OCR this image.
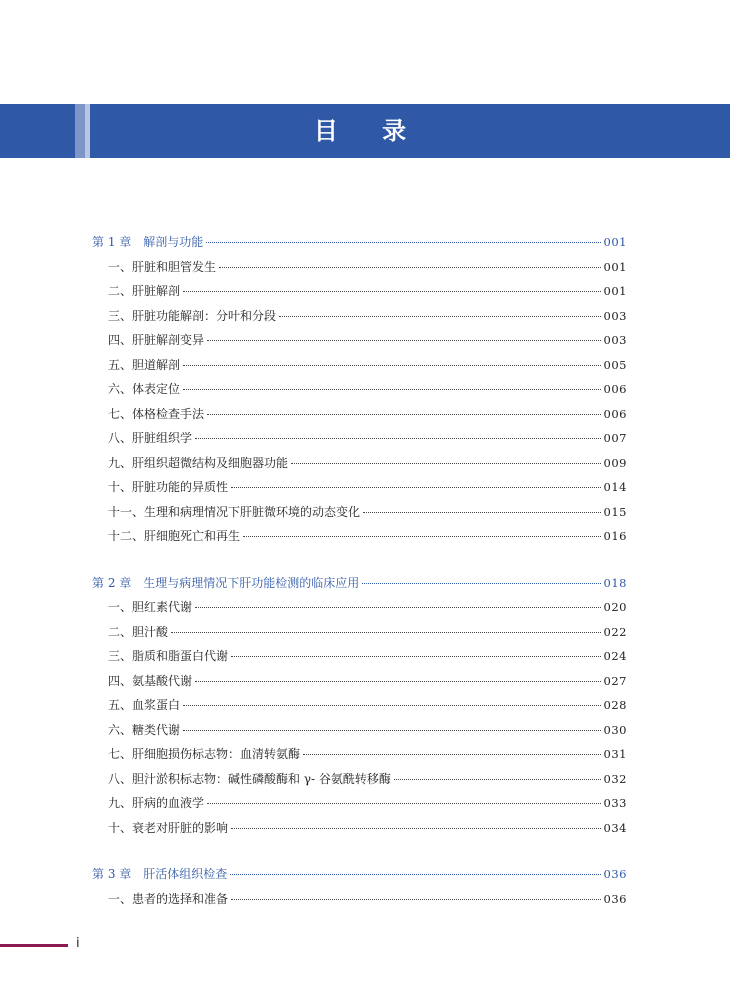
目 录
第 1 章　解剖与功能	001
一、肝脏和胆管发生	001
二、肝脏解剖	001
三、肝脏功能解剖：分叶和分段	003
四、肝脏解剖变异	003
五、胆道解剖	005
六、体表定位	006
七、体格检查手法	006
八、肝脏组织学	007
九、肝组织超微结构及细胞器功能	009
十、肝脏功能的异质性	014
十一、生理和病理情况下肝脏微环境的动态变化	015
十二、肝细胞死亡和再生	016
第 2 章　生理与病理情况下肝功能检测的临床应用	018
一、胆红素代谢	020
二、胆汁酸	022
三、脂质和脂蛋白代谢	024
四、氨基酸代谢	027
五、血浆蛋白	028
六、糖类代谢	030
七、肝细胞损伤标志物：血清转氨酶	031
八、胆汁淤积标志物：碱性磷酸酶和 γ- 谷氨酰转移酶	032
九、肝病的血液学	033
十、衰老对肝脏的影响	034
第 3 章　肝活体组织检查	036
一、患者的选择和准备	036
i
